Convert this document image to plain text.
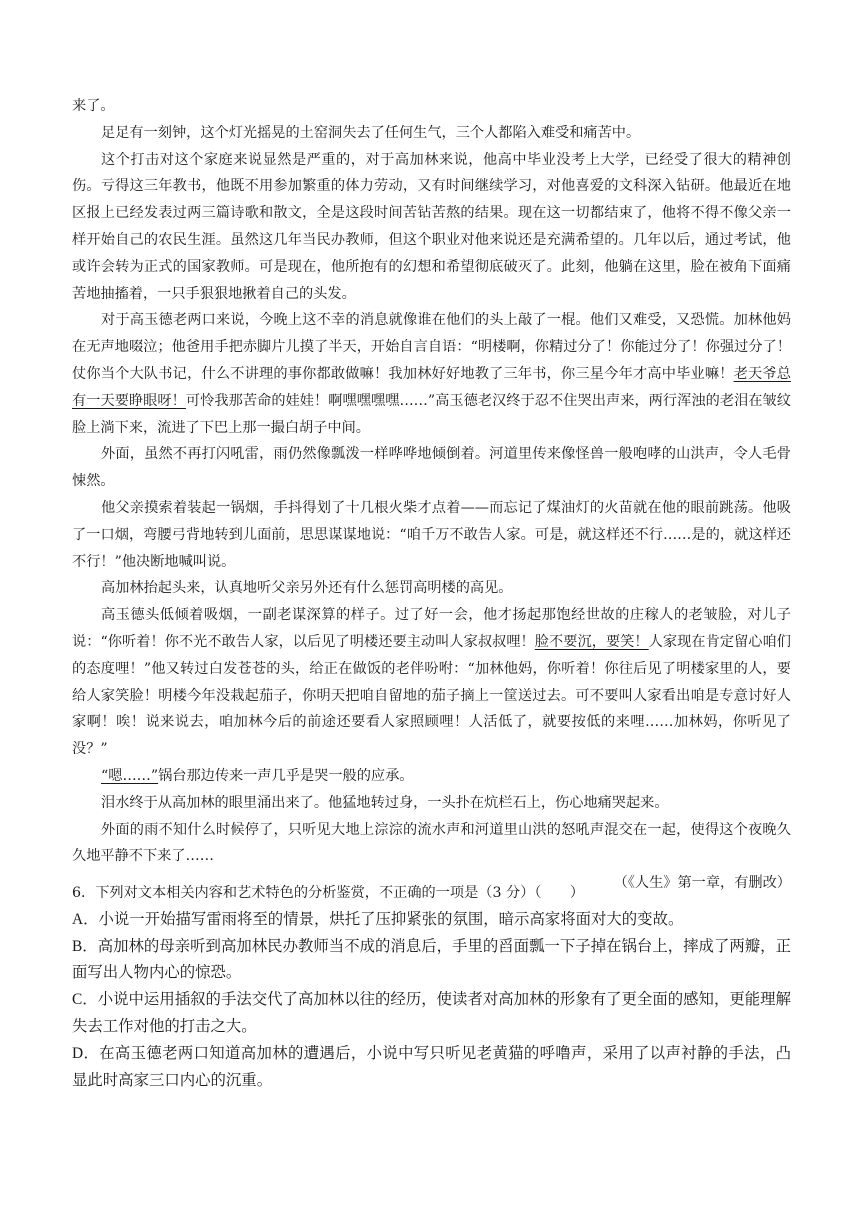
来了。

足足有一刻钟，这个灯光摇晃的土窑洞失去了任何生气，三个人都陷入难受和痛苦中。

这个打击对这个家庭来说显然是严重的，对于高加林来说，他高中毕业没考上大学，已经受了很大的精神创伤。亏得这三年教书，他既不用参加繁重的体力劳动，又有时间继续学习，对他喜爱的文科深入钻研。他最近在地区报上已经发表过两三篇诗歌和散文，全是这段时间苦钻苦熬的结果。现在这一切都结束了，他将不得不像父亲一样开始自己的农民生涯。虽然这几年当民办教师，但这个职业对他来说还是充满希望的。几年以后，通过考试，他或许会转为正式的国家教师。可是现在，他所抱有的幻想和希望彻底破灭了。此刻，他躺在这里，脸在被角下面痛苦地抽搐着，一只手狠狠地揪着自己的头发。

对于高玉德老两口来说，今晚上这不幸的消息就像谁在他们的头上敲了一棍。他们又难受，又恐慌。加林他妈在无声地啜泣；他爸用手把赤脚片儿摸了半天，开始自言自语：“明楼啊，你精过分了！你能过分了！你强过分了！仗你当个大队书记，什么不讲理的事你都敢做嘛！我加林好好地教了三年书，你三星今年才高中毕业嘛！老天爷总有一天要睁眼呀！可怜我那苦命的娃娃！啊嘿嘿嘿嘿……”高玉德老汉终于忍不住哭出声来，两行浑浊的老泪在皱纹脸上淌下来，流进了下巴上那一撮白胡子中间。

外面，虽然不再打闪吼雷，雨仍然像瓢泼一样哗哗地倾倒着。河道里传来像怪兽一般咆哮的山洪声，令人毛骨悚然。

他父亲摸索着装起一锅烟，手抖得划了十几根火柴才点着——而忘记了煤油灯的火苗就在他的眼前跳荡。他吸了一口烟，弯腰弓背地转到儿面前，思思谋谋地说：“咱千万不敢告人家。可是，就这样还不行……是的，就这样还不行！”他决断地喊叫说。

高加林抬起头来，认真地听父亲另外还有什么惩罚高明楼的高见。

高玉德头低倾着吸烟，一副老谋深算的样子。过了好一会，他才扬起那饱经世故的庄稼人的老皱脸，对儿子说：“你听着！你不光不敢告人家，以后见了明楼还要主动叫人家叔叔哩！脸不要沉，要笑！人家现在肯定留心咱们的态度哩！”他又转过白发苍苍的头，给正在做饭的老伴吩咐：“加林他妈，你听着！你往后见了明楼家里的人，要给人家笑脸！明楼今年没栽起茄子，你明天把咱自留地的茄子摘上一筐送过去。可不要叫人家看出咱是专意讨好人家啊！唉！说来说去，咱加林今后的前途还要看人家照顾哩！人活低了，就要按低的来哩……加林妈，你听见了没？”

“嗯……”锅台那边传来一声几乎是哭一般的应承。

泪水终于从高加林的眼里涌出来了。他猛地转过身，一头扑在炕栏石上，伤心地痛哭起来。

外面的雨不知什么时候停了，只听见大地上淙淙的流水声和河道里山洪的怒吼声混交在一起，使得这个夜晚久久地平静不下来了……

（《人生》第一章，有删改）

6．下列对文本相关内容和艺术特色的分析鉴赏，不正确的一项是（3 分）（　　）

A．小说一开始描写雷雨将至的情景，烘托了压抑紧张的氛围，暗示高家将面对大的变故。

B．高加林的母亲听到高加林民办教师当不成的消息后，手里的舀面瓢一下子掉在锅台上，摔成了两瓣，正面写出人物内心的惊恐。

C．小说中运用插叙的手法交代了高加林以往的经历，使读者对高加林的形象有了更全面的感知，更能理解失去工作对他的打击之大。

D．在高玉德老两口知道高加林的遭遇后，小说中写只听见老黄猫的呼噜声，采用了以声衬静的手法，凸显此时高家三口内心的沉重。
